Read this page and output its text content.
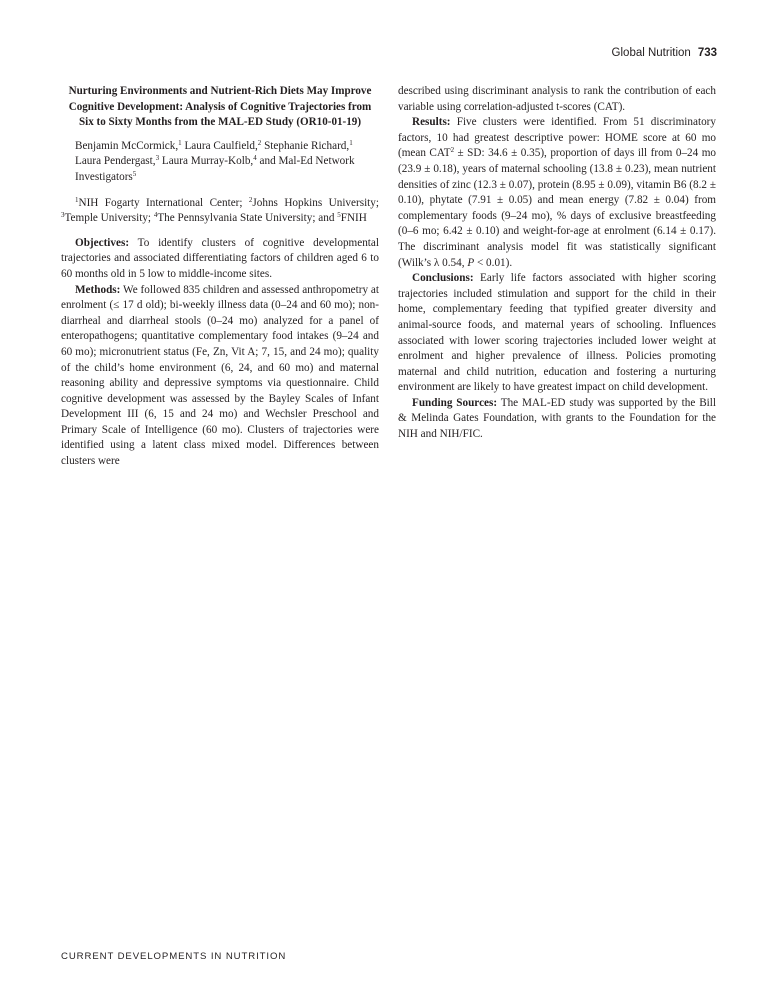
Global Nutrition 733

Nurturing Environments and Nutrient-Rich Diets May Improve Cognitive Development: Analysis of Cognitive Trajectories from Six to Sixty Months from the MAL-ED Study (OR10-01-19)

Benjamin McCormick,$^1$ Laura Caulfield,$^2$ Stephanie Richard,$^1$ Laura Pendergast,$^3$ Laura Murray-Kolb,$^4$ and Mal-Ed Network Investigators$^5$

$^1$NIH Fogarty International Center; $^2$Johns Hopkins University; $^3$Temple University; $^4$The Pennsylvania State University; and $^5$FNIH

Objectives: To identify clusters of cognitive developmental trajectories and associated differentiating factors of children aged 6 to 60 months old in 5 low to middle-income sites.

Methods: We followed 835 children and assessed anthropometry at enrolment (≤ 17 d old); bi-weekly illness data (0–24 and 60 mo); non-diarrheal and diarrheal stools (0–24 mo) analyzed for a panel of enteropathogens; quantitative complementary food intakes (9–24 and 60 mo); micronutrient status (Fe, Zn, Vit A; 7, 15, and 24 mo); quality of the child’s home environment (6, 24, and 60 mo) and maternal reasoning ability and depressive symptoms via questionnaire. Child cognitive development was assessed by the Bayley Scales of Infant Development III (6, 15 and 24 mo) and Wechsler Preschool and Primary Scale of Intelligence (60 mo). Clusters of trajectories were identified using a latent class mixed model. Differences between clusters were

described using discriminant analysis to rank the contribution of each variable using correlation-adjusted t-scores (CAT).

Results: Five clusters were identified. From 51 discriminatory factors, 10 had greatest descriptive power: HOME score at 60 mo (mean $CAT^2$ ± SD: 34.6 ± 0.35), proportion of days ill from 0–24 mo (23.9 ± 0.18), years of maternal schooling (13.8 ± 0.23), mean nutrient densities of zinc (12.3 ± 0.07), protein (8.95 ± 0.09), vitamin B6 (8.2 ± 0.10), phytate (7.91 ± 0.05) and mean energy (7.82 ± 0.04) from complementary foods (9–24 mo), % days of exclusive breastfeeding (0–6 mo; 6.42 ± 0.10) and weight-for-age at enrolment (6.14 ± 0.17). The discriminant analysis model fit was statistically significant (Wilk’s λ 0.54, P < 0.01).

Conclusions: Early life factors associated with higher scoring trajectories included stimulation and support for the child in their home, complementary feeding that typified greater diversity and animal-source foods, and maternal years of schooling. Influences associated with lower scoring trajectories included lower weight at enrolment and higher prevalence of illness. Policies promoting maternal and child nutrition, education and fostering a nurturing environment are likely to have greatest impact on child development.

Funding Sources: The MAL-ED study was supported by the Bill & Melinda Gates Foundation, with grants to the Foundation for the NIH and NIH/FIC.

CURRENT DEVELOPMENTS IN NUTRITION
